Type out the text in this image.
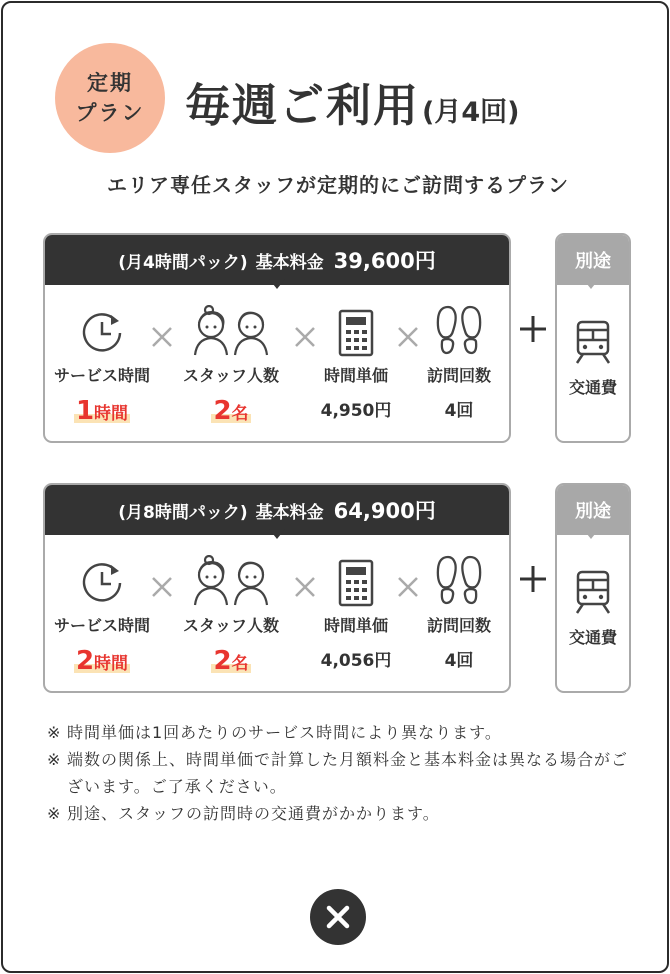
定期
プラン 毎週ご利用 (月4回)
エリア専任スタッフが定期的にご訪問するプラン
(月4時間パック) 基本料金 39,600円
サービス時間
1時間
スタッフ人数
2名
時間単価
4,950円
訪問回数
4回
別途
交通費
(月8時間パック) 基本料金 64,900円
サービス時間
2時間
スタッフ人数
2名
時間単価
4,056円
訪問回数
4回
別途
交通費
※ 時間単価は1回あたりのサービス時間により異なります。
※ 端数の関係上、時間単価で計算した月額料金と基本料金は異なる場合がございます。ご了承ください。
※ 別途、スタッフの訪問時の交通費がかかります。
